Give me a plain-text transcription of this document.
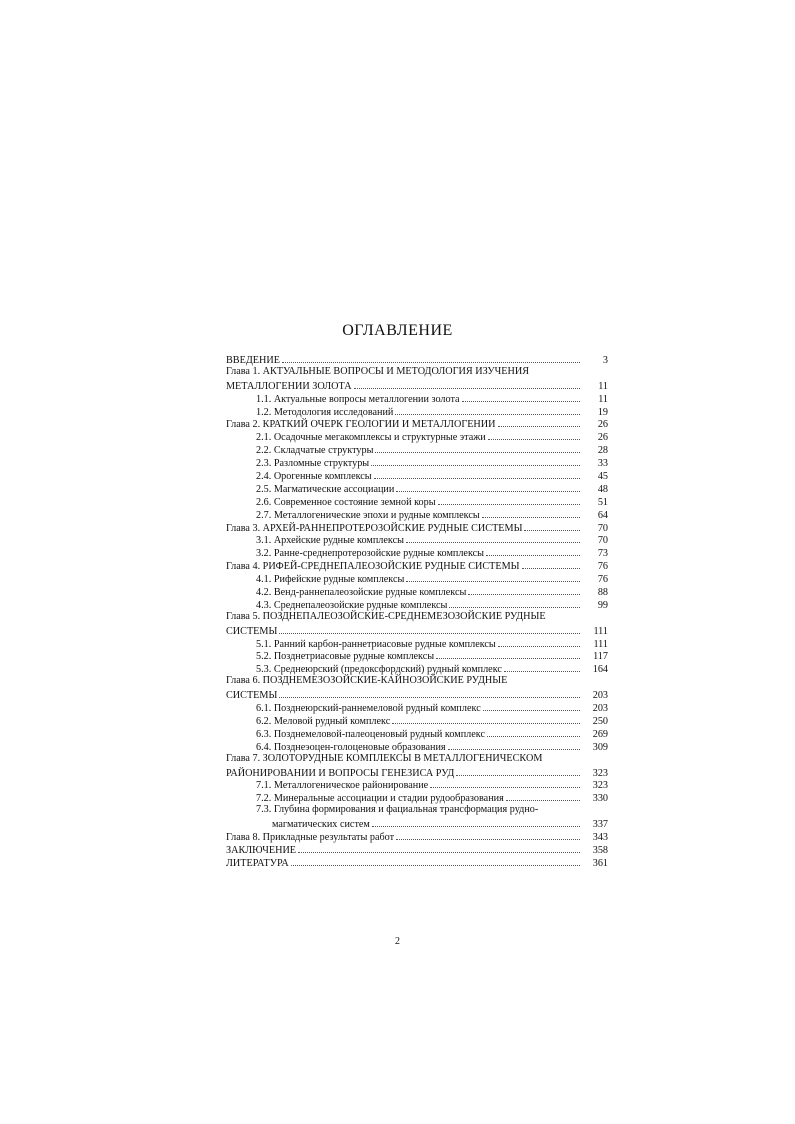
ОГЛАВЛЕНИЕ
ВВЕДЕНИЕ	3
Глава 1. АКТУАЛЬНЫЕ ВОПРОСЫ И МЕТОДОЛОГИЯ ИЗУЧЕНИЯ
МЕТАЛЛОГЕНИИ ЗОЛОТА	11
1.1. Актуальные вопросы металлогении золота	11
1.2. Методология исследований	19
Глава 2. КРАТКИЙ ОЧЕРК ГЕОЛОГИИ И МЕТАЛЛОГЕНИИ	26
2.1. Осадочные мегакомплексы и структурные этажи	26
2.2. Складчатые структуры	28
2.3. Разломные структуры	33
2.4. Орогенные комплексы	45
2.5. Магматические ассоциации	48
2.6. Современное состояние земной коры	51
2.7. Металлогенические эпохи и рудные комплексы	64
Глава 3. АРХЕЙ-РАННЕПРОТЕРОЗОЙСКИЕ РУДНЫЕ СИСТЕМЫ	70
3.1. Архейские рудные комплексы	70
3.2. Ранне-среднепротерозойские рудные комплексы	73
Глава 4. РИФЕЙ-СРЕДНЕПАЛЕОЗОЙСКИЕ РУДНЫЕ СИСТЕМЫ	76
4.1. Рифейские рудные комплексы	76
4.2. Венд-раннепалеозойские рудные комплексы	88
4.3. Среднепалеозойские рудные комплексы	99
Глава 5. ПОЗДНЕПАЛЕОЗОЙСКИЕ-СРЕДНЕМЕЗОЗОЙСКИЕ РУДНЫЕ
СИСТЕМЫ	111
5.1. Ранний карбон-раннетриасовые рудные комплексы	111
5.2. Позднетриасовые рудные комплексы	117
5.3. Среднеюрский (предоксфордский) рудный комплекс	164
Глава 6. ПОЗДНЕМЕЗОЗОЙСКИЕ-КАЙНОЗОЙСКИЕ РУДНЫЕ
СИСТЕМЫ	203
6.1. Позднеюрский-раннемеловой рудный комплекс	203
6.2. Меловой рудный комплекс	250
6.3. Позднемеловой-палеоценовый рудный комплекс	269
6.4. Позднеэоцен-голоценовые образования	309
Глава 7. ЗОЛОТОРУДНЫЕ КОМПЛЕКСЫ В МЕТАЛЛОГЕНИЧЕСКОМ
РАЙОНИРОВАНИИ И ВОПРОСЫ ГЕНЕЗИСА РУД	323
7.1. Металлогеническое районирование	323
7.2. Минеральные ассоциации и стадии рудообразования	330
7.3. Глубина формирования и фациальная трансформация рудно-
магматических систем	337
Глава 8. Прикладные результаты работ	343
ЗАКЛЮЧЕНИЕ	358
ЛИТЕРАТУРА	361
2
